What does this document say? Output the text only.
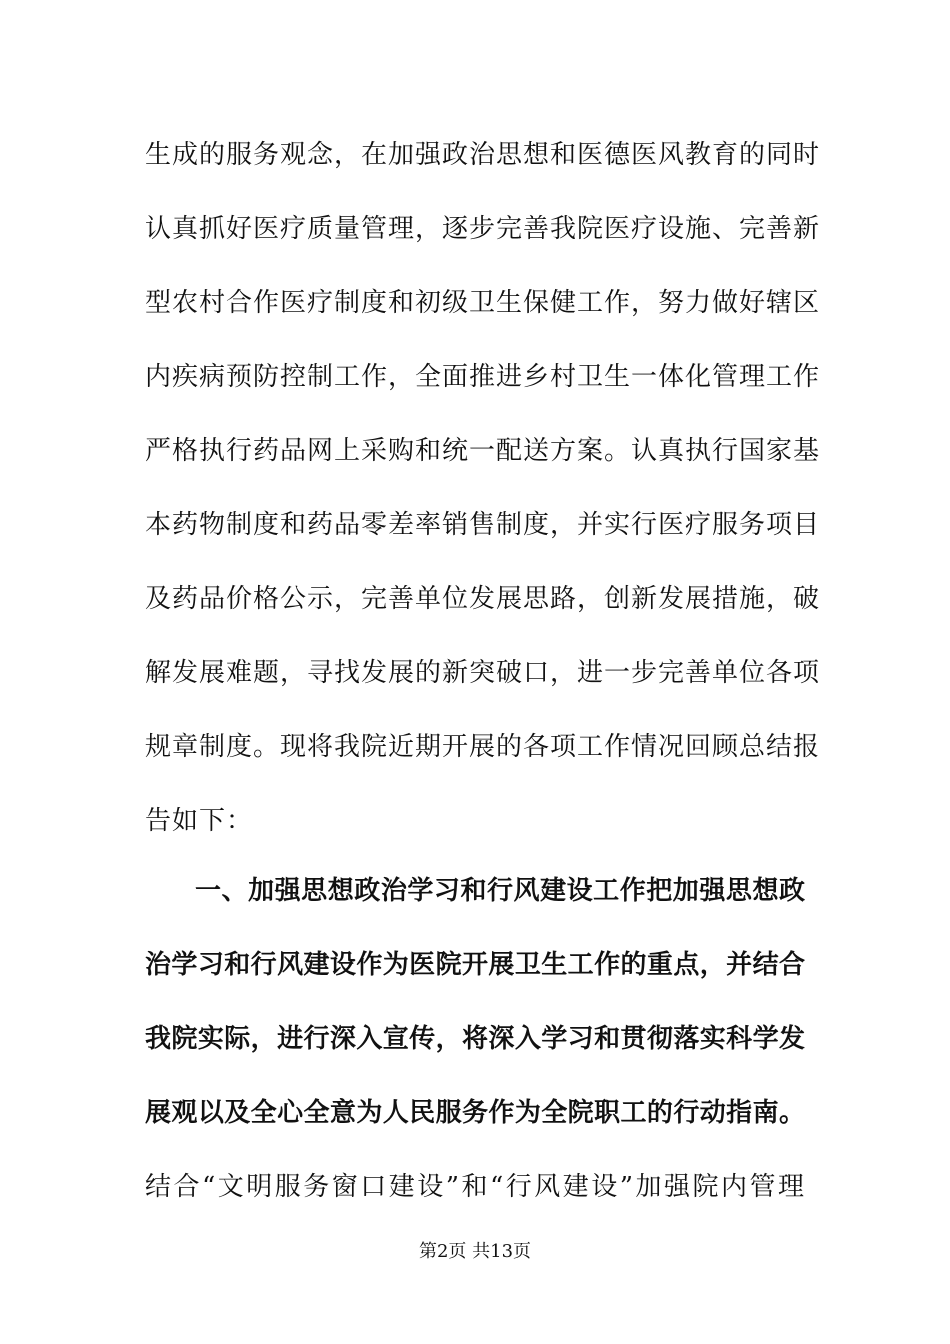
生成的服务观念，在加强政治思想和医德医风教育的同时
认真抓好医疗质量管理，逐步完善我院医疗设施、完善新
型农村合作医疗制度和初级卫生保健工作，努力做好辖区
内疾病预防控制工作，全面推进乡村卫生一体化管理工作
严格执行药品网上采购和统一配送方案。认真执行国家基
本药物制度和药品零差率销售制度，并实行医疗服务项目
及药品价格公示，完善单位发展思路，创新发展措施，破
解发展难题，寻找发展的新突破口，进一步完善单位各项
规章制度。现将我院近期开展的各项工作情况回顾总结报
告如下：
一、加强思想政治学习和行风建设工作把加强思想政
治学习和行风建设作为医院开展卫生工作的重点，并结合
我院实际，进行深入宣传，将深入学习和贯彻落实科学发
展观以及全心全意为人民服务作为全院职工的行动指南。
结合“文明服务窗口建设”和“行风建设”加强院内管理
第2页 共13页
